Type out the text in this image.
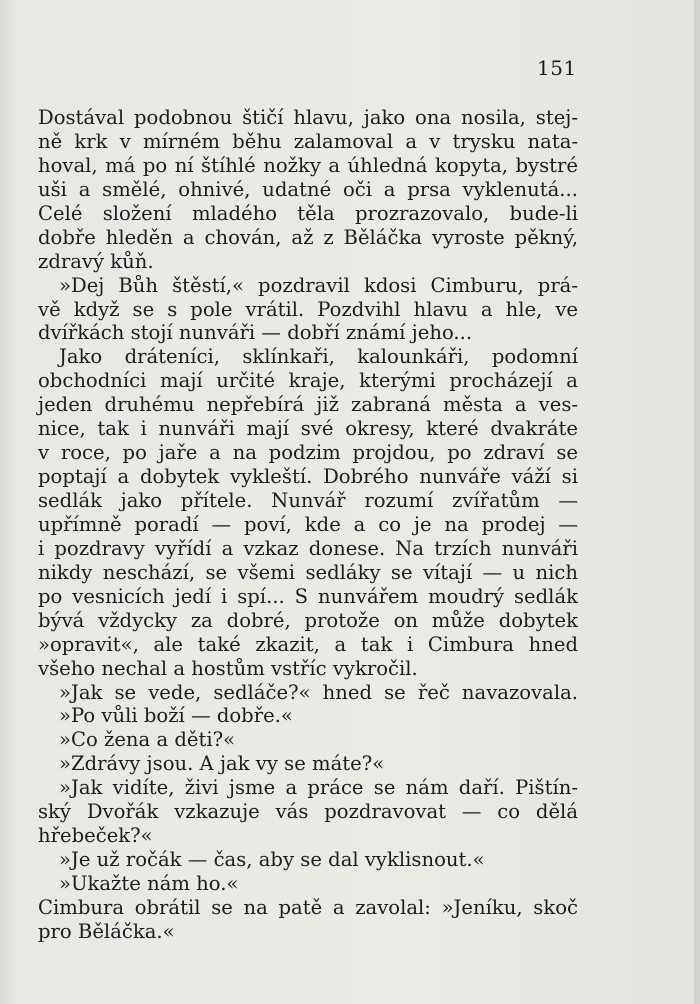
151
Dostával podobnou štičí hlavu, jako ona nosila, stej-
ně krk v mírném běhu zalamoval a v trysku nata-
hoval, má po ní štíhlé nožky a úhledná kopyta, bystré
uši a smělé, ohnivé, udatné oči a prsa vyklenutá...
Celé složení mladého těla prozrazovalo, bude-li
dobře hleděn a chován, až z Běláčka vyroste pěkný,
zdravý kůň.
»Dej Bůh štěstí,« pozdravil kdosi Cimburu, prá-
vě když se s pole vrátil. Pozdvihl hlavu a hle, ve
dvířkách stojí nunváři — dobří známí jeho...
Jako dráteníci, sklínkaři, kalounkáři, podomní
obchodníci mají určité kraje, kterými procházejí a
jeden druhému nepřebírá již zabraná města a ves-
nice, tak i nunváři mají své okresy, které dvakráte
v roce, po jaře a na podzim projdou, po zdraví se
poptají a dobytek vykleští. Dobrého nunváře váží si
sedlák jako přítele. Nunvář rozumí zvířatům —
upřímně poradí — poví, kde a co je na prodej —
i pozdravy vyřídí a vzkaz donese. Na trzích nunváři
nikdy neschází, se všemi sedláky se vítají — u nich
po vesnicích jedí i spí... S nunvářem moudrý sedlák
bývá vždycky za dobré, protože on může dobytek
»opravit«, ale také zkazit, a tak i Cimbura hned
všeho nechal a hostům vstříc vykročil.
»Jak se vede, sedláče?« hned se řeč navazovala.
»Po vůli boží — dobře.«
»Co žena a děti?«
»Zdrávy jsou. A jak vy se máte?«
»Jak vidíte, živi jsme a práce se nám daří. Pištín-
ský Dvořák vzkazuje vás pozdravovat — co dělá
hřebeček?«
»Je už ročák — čas, aby se dal vyklisnout.«
»Ukažte nám ho.«
Cimbura obrátil se na patě a zavolal: »Jeníku, skoč
pro Běláčka.«
